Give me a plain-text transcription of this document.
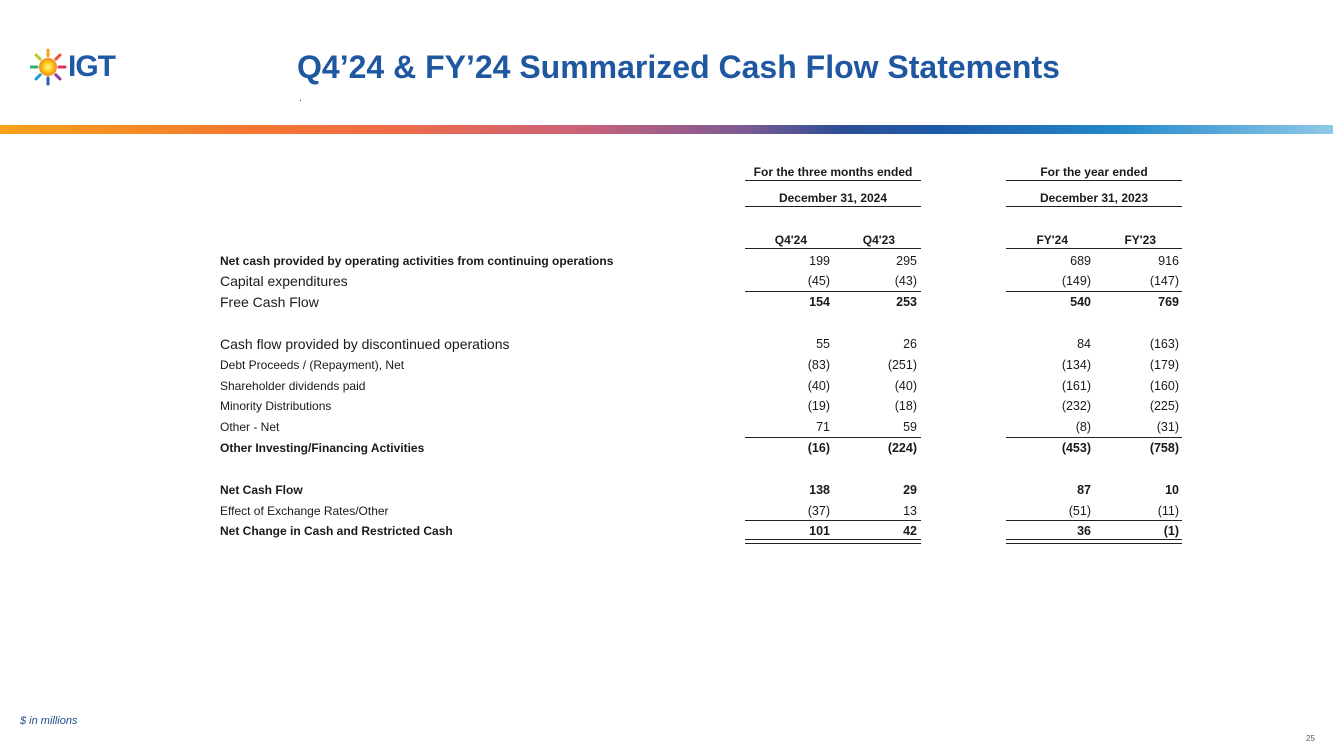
IGT	Q4’24 & FY’24 Summarized Cash Flow Statements
For the three months ended
December 31, 2024
For the year ended
December 31, 2023
Q4'24	Q4'23	FY'24	FY'23
Net cash provided by operating activities from continuing operations	199	295	689	916
Capital expenditures	(45)	(43)	(149)	(147)
Free Cash Flow	154	253	540	769
Cash flow provided by discontinued operations	55	26	84	(163)
Debt Proceeds / (Repayment), Net	(83)	(251)	(134)	(179)
Shareholder dividends paid	(40)	(40)	(161)	(160)
Minority Distributions	(19)	(18)	(232)	(225)
Other - Net	71	59	(8)	(31)
Other Investing/Financing Activities	(16)	(224)	(453)	(758)
Net Cash Flow	138	29	87	10
Effect of Exchange Rates/Other	(37)	13	(51)	(11)
Net Change in Cash and Restricted Cash	101	42	36	(1)
$ in millions
25
